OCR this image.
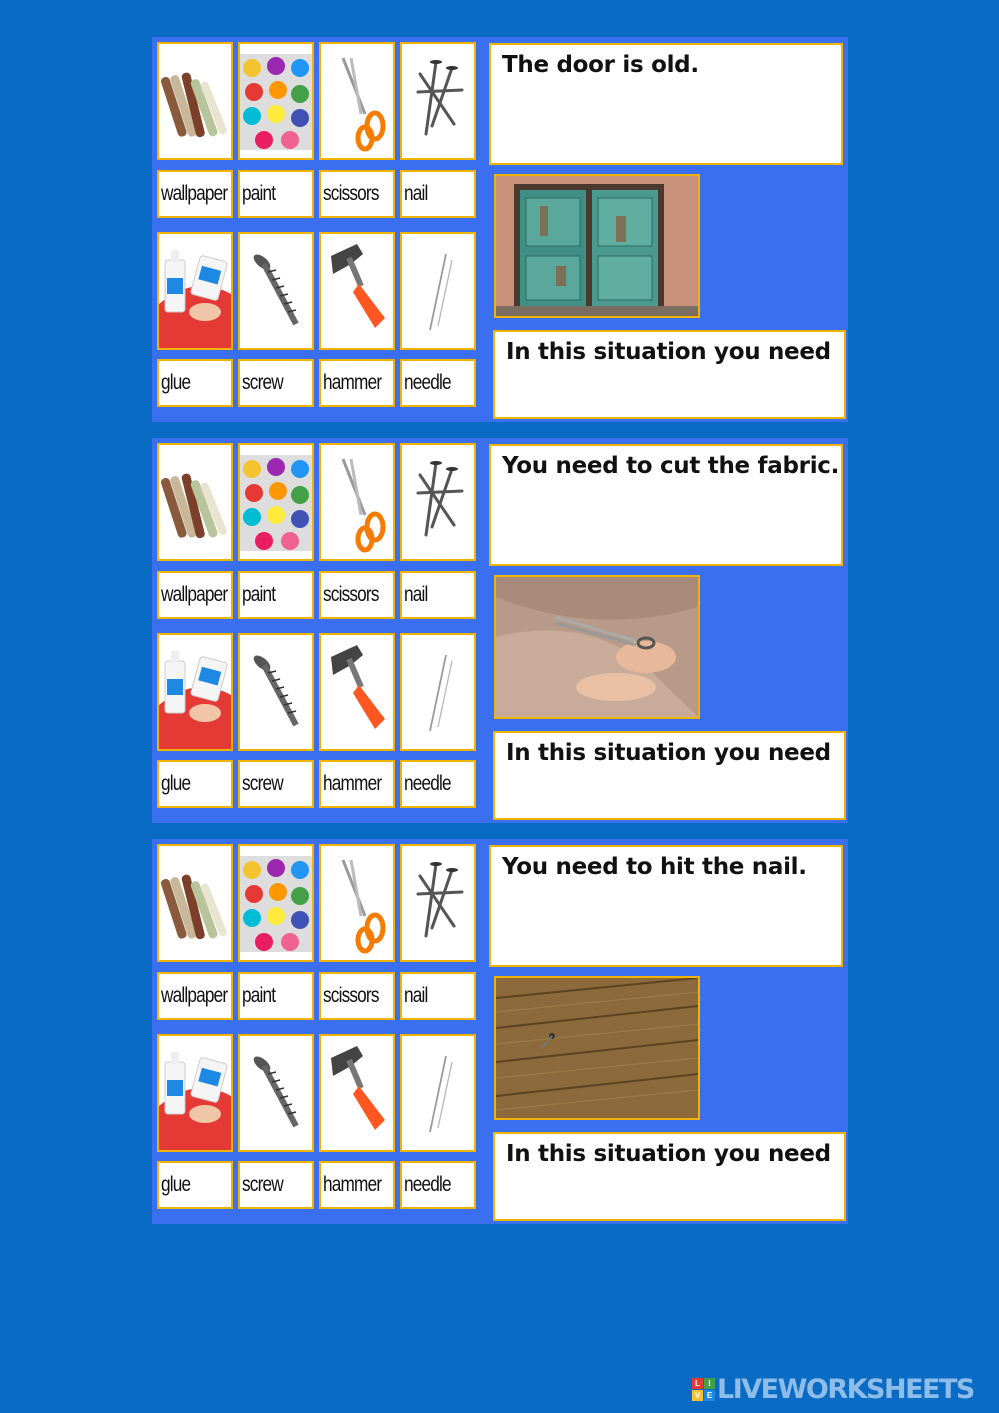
wallpaper paint scissors nail
glue screw hammer needle
The door is old.
In this situation you need
wallpaper paint scissors nail
glue screw hammer needle
You need to cut the fabric.
In this situation you need
wallpaper paint scissors nail
glue screw hammer needle
You need to hit the nail.
In this situation you need
L	I
V E LIVEWORKSHEETS
